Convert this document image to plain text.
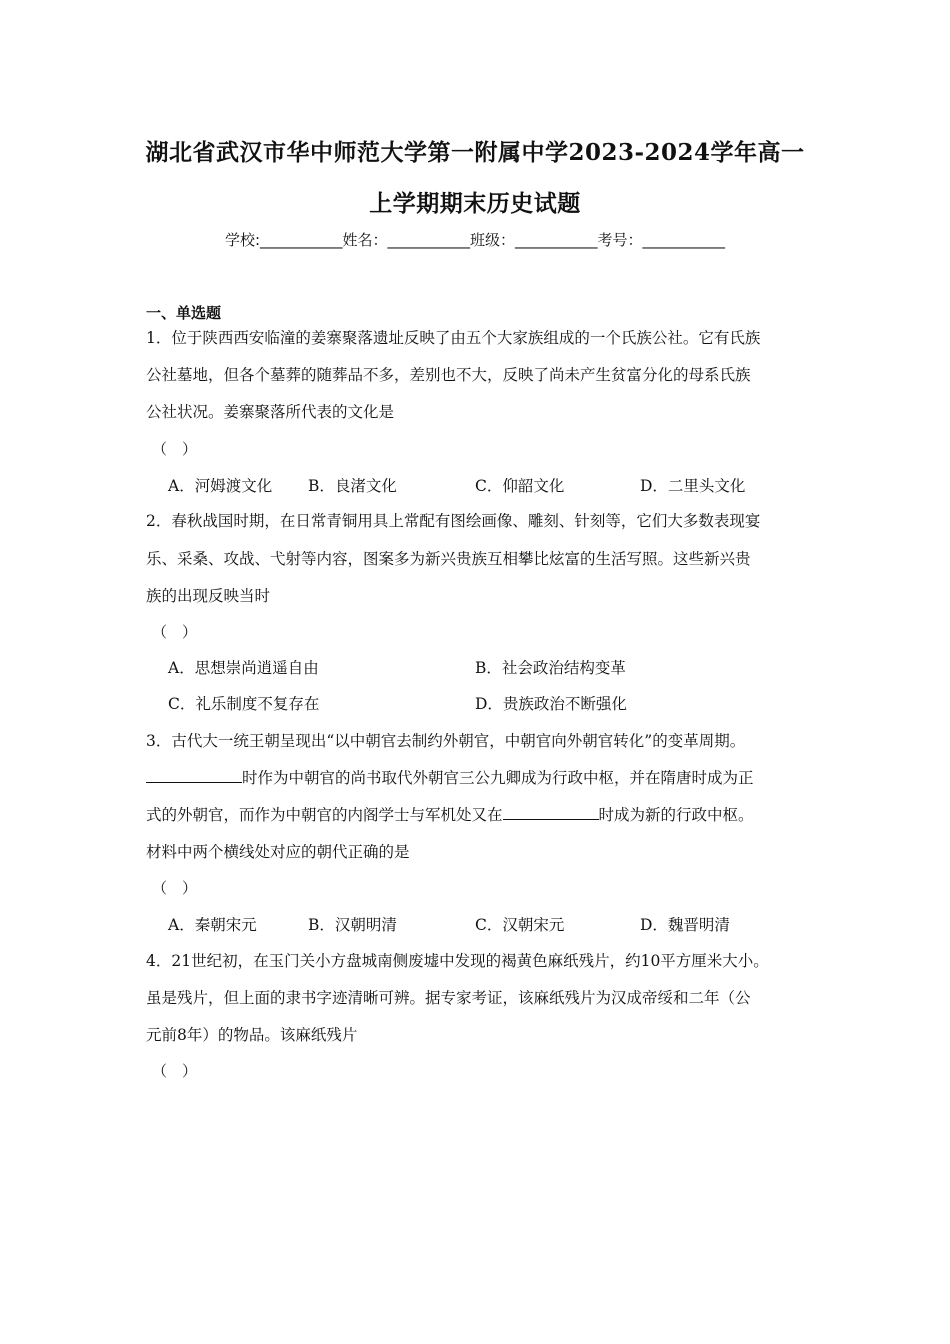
湖北省武汉市华中师范大学第一附属中学2023-2024学年高一
上学期期末历史试题
学校:___________姓名：___________班级：___________考号：___________
一、单选题
1．位于陕西西安临潼的姜寨聚落遗址反映了由五个大家族组成的一个氏族公社。它有氏族
公社墓地，但各个墓葬的随葬品不多，差别也不大，反映了尚未产生贫富分化的母系氏族
公社状况。姜寨聚落所代表的文化是
（　）
A．河姆渡文化 B．良渚文化	C．仰韶文化	D．二里头文化
2．春秋战国时期，在日常青铜用具上常配有图绘画像、雕刻、针刻等，它们大多数表现宴
乐、采桑、攻战、弋射等内容，图案多为新兴贵族互相攀比炫富的生活写照。这些新兴贵
族的出现反映当时
（　）
A．思想崇尚逍遥自由	B．社会政治结构变革
C．礼乐制度不复存在	D．贵族政治不断强化
3．古代大一统王朝呈现出“以中朝官去制约外朝官，中朝官向外朝官转化”的变革周期。
时作为中朝官的尚书取代外朝官三公九卿成为行政中枢，并在隋唐时成为正
式的外朝官，而作为中朝官的内阁学士与军机处又在	时成为新的行政中枢。
材料中两个横线处对应的朝代正确的是
（　）
A．秦朝宋元	B．汉朝明清	C．汉朝宋元	D．魏晋明清
4．21世纪初，在玉门关小方盘城南侧废墟中发现的褐黄色麻纸残片，约10平方厘米大小。
虽是残片，但上面的隶书字迹清晰可辨。据专家考证，该麻纸残片为汉成帝绥和二年（公
元前8年）的物品。该麻纸残片
（　）
